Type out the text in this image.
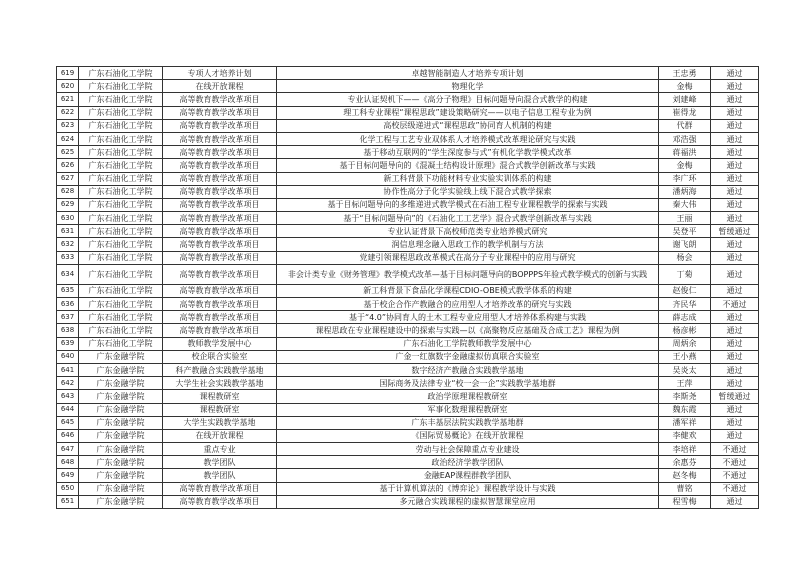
619	广东石油化工学院	专项人才培养计划	卓越智能制造人才培养专项计划	王忠勇	通过
620	广东石油化工学院	在线开放课程	物理化学	金梅	通过
621	广东石油化工学院	高等教育教学改革项目	专业认证契机下——《高分子物理》目标问题导向混合式教学的构建	刘建峰	通过
622	广东石油化工学院	高等教育教学改革项目	理工科专业课程“课程思政”建设策略研究——以电子信息工程专业为例	崔得龙	通过
623	广东石油化工学院	高等教育教学改革项目	高校层级递进式“课程思政”协同育人机制的构建	代群	通过
624	广东石油化工学院	高等教育教学改革项目	化学工程与工艺专业双体系人才培养模式改革理论研究与实践	邓浩强	通过
625	广东石油化工学院	高等教育教学改革项目	基于移动互联网的“学生深度参与式”有机化学教学模式改革	蒋福洪	通过
626	广东石油化工学院	高等教育教学改革项目	基于目标问题导向的《混凝土结构设计原理》混合式教学创新改革与实践	金梅	通过
627	广东石油化工学院	高等教育教学改革项目	新工科背景下功能材料专业实验实训体系的构建	李广环	通过
628	广东石油化工学院	高等教育教学改革项目	协作性高分子化学实验线上线下混合式教学探索	潘炳海	通过
629	广东石油化工学院	高等教育教学改革项目	基于目标问题导向的多维递进式教学模式在石油工程专业课程教学的探索与实践	秦大伟	通过
630	广东石油化工学院	高等教育教学改革项目	基于“目标问题导向”的《石油化工工艺学》混合式教学创新改革与实践	王丽	通过
631	广东石油化工学院	高等教育教学改革项目	专业认证背景下高校师范类专业培养模式研究	吴登平	暂缓通过
632	广东石油化工学院	高等教育教学改革项目	润信息理念融入思政工作的教学机制与方法	谢飞朗	通过
633	广东石油化工学院	高等教育教学改革项目	党建引领课程思政改革模式在高分子专业课程中的应用与研究	杨会	通过
634	广东石油化工学院	高等教育教学改革项目	非会计类专业《财务管理》教学模式改革—基于目标问题导向的BOPPPS年验式教学模式的创新与实践	丁菊	通过
635	广东石油化工学院	高等教育教学改革项目	新工科背景下食品化学课程CDIO-OBE模式教学体系的构建	赵俊仁	通过
636	广东石油化工学院	高等教育教学改革项目	基于校企合作产教融合的应用型人才培养改革的研究与实践	齐民华	不通过
637	广东石油化工学院	高等教育教学改革项目	基于“4.0”协同育人的土木工程专业应用型人才培养体系构建与实践	薛志成	通过
638	广东石油化工学院	高等教育教学改革项目	课程思政在专业课程建设中的探索与实践—以《高聚物反应基础及合成工艺》课程为例	杨彦彬	通过
639	广东石油化工学院	教师教学发展中心	广东石油化工学院教师教学发展中心	周炳余	通过
640	广东金融学院	校企联合实验室	广金一红旗数字金融虚拟仿真联合实验室	王小燕	通过
641	广东金融学院	科产教融合实践教学基地	数字经济产教融合实践教学基地	吴炎太	通过
642	广东金融学院	大学生社会实践教学基地	国际商务及法律专业“校一会一企”实践教学基地群	王萍	通过
643	广东金融学院	课程教研室	政治学原理课程教研室	李斯尧	暂缓通过
644	广东金融学院	课程教研室	军事化数理课程教研室	魏东霞	通过
645	广东金融学院	大学生实践教学基地	广东丰基层法院实践教学基地群	潘军祥	通过
646	广东金融学院	在线开放课程	《国际贸易概论》在线开放课程	李健欢	通过
647	广东金融学院	重点专业	劳动与社会保障重点专业建设	李培祥	不通过
648	广东金融学院	教学团队	政治经济学教学团队	余惠芬	不通过
649	广东金融学院	教学团队	金融EAP课程群教学团队	赵冬梅	不通过
650	广东金融学院	高等教育教学改革项目	基于计算机算法的《博弈论》课程教学设计与实践	曹铭	不通过
651	广东金融学院	高等教育教学改革项目	多元融合实践课程的虚拟智慧课堂应用	程雪梅	通过
